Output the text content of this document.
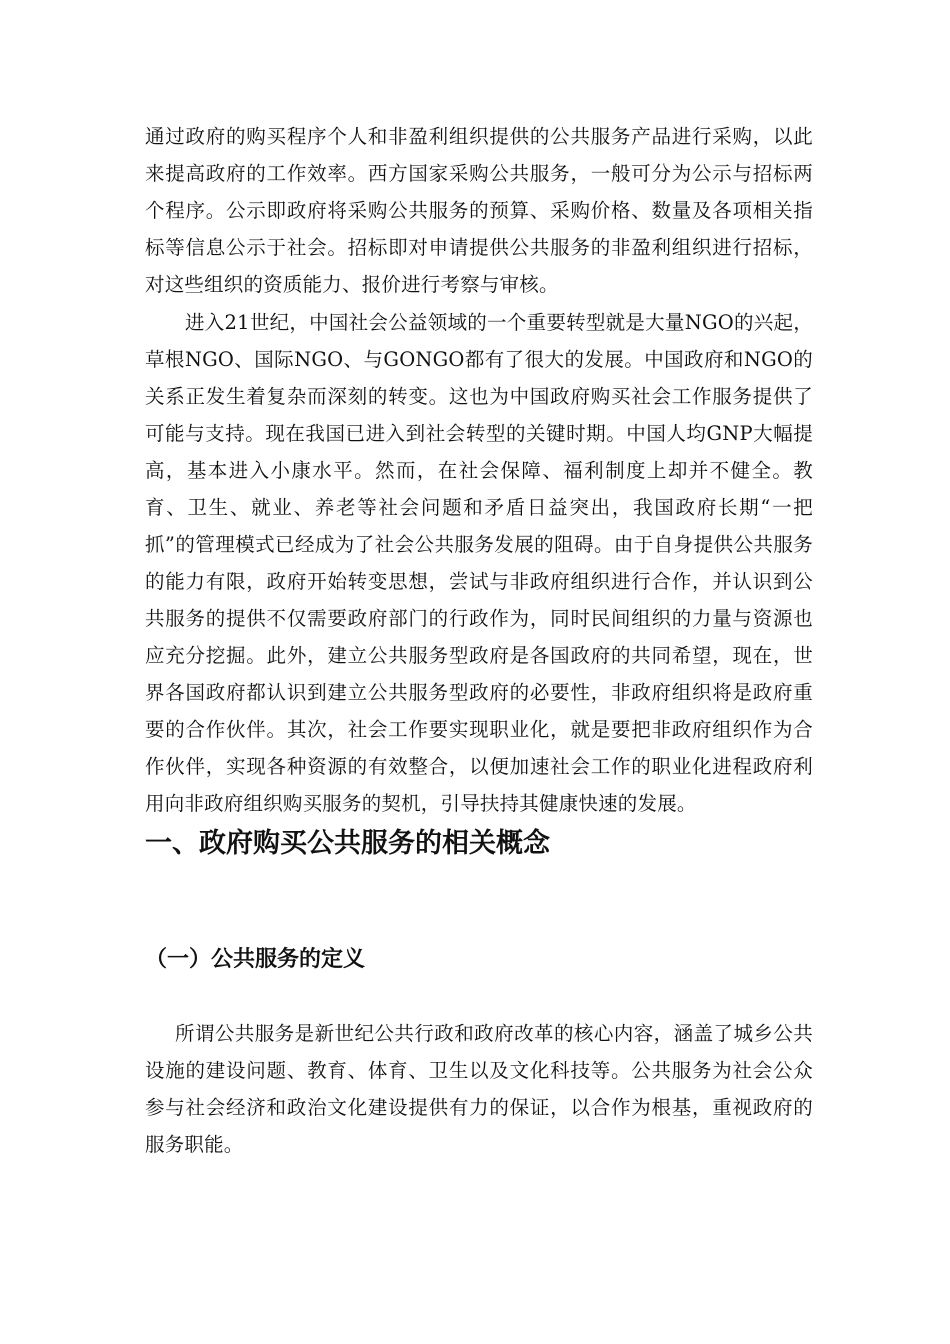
通过政府的购买程序个人和非盈利组织提供的公共服务产品进行采购，以此来提高政府的工作效率。西方国家采购公共服务，一般可分为公示与招标两个程序。公示即政府将采购公共服务的预算、采购价格、数量及各项相关指标等信息公示于社会。招标即对申请提供公共服务的非盈利组织进行招标，对这些组织的资质能力、报价进行考察与审核。

进入21世纪，中国社会公益领域的一个重要转型就是大量NGO的兴起，草根NGO、国际NGO、与GONGO都有了很大的发展。中国政府和NGO的关系正发生着复杂而深刻的转变。这也为中国政府购买社会工作服务提供了可能与支持。现在我国已进入到社会转型的关键时期。中国人均GNP大幅提高，基本进入小康水平。然而，在社会保障、福利制度上却并不健全。教育、卫生、就业、养老等社会问题和矛盾日益突出，我国政府长期“一把抓”的管理模式已经成为了社会公共服务发展的阻碍。由于自身提供公共服务的能力有限，政府开始转变思想，尝试与非政府组织进行合作，并认识到公共服务的提供不仅需要政府部门的行政作为，同时民间组织的力量与资源也应充分挖掘。此外，建立公共服务型政府是各国政府的共同希望，现在，世界各国政府都认识到建立公共服务型政府的必要性，非政府组织将是政府重要的合作伙伴。其次，社会工作要实现职业化，就是要把非政府组织作为合作伙伴，实现各种资源的有效整合，以便加速社会工作的职业化进程政府利用向非政府组织购买服务的契机，引导扶持其健康快速的发展。

一、政府购买公共服务的相关概念
（一）公共服务的定义

所谓公共服务是新世纪公共行政和政府改革的核心内容，涵盖了城乡公共设施的建设问题、教育、体育、卫生以及文化科技等。公共服务为社会公众参与社会经济和政治文化建设提供有力的保证，以合作为根基，重视政府的服务职能。
